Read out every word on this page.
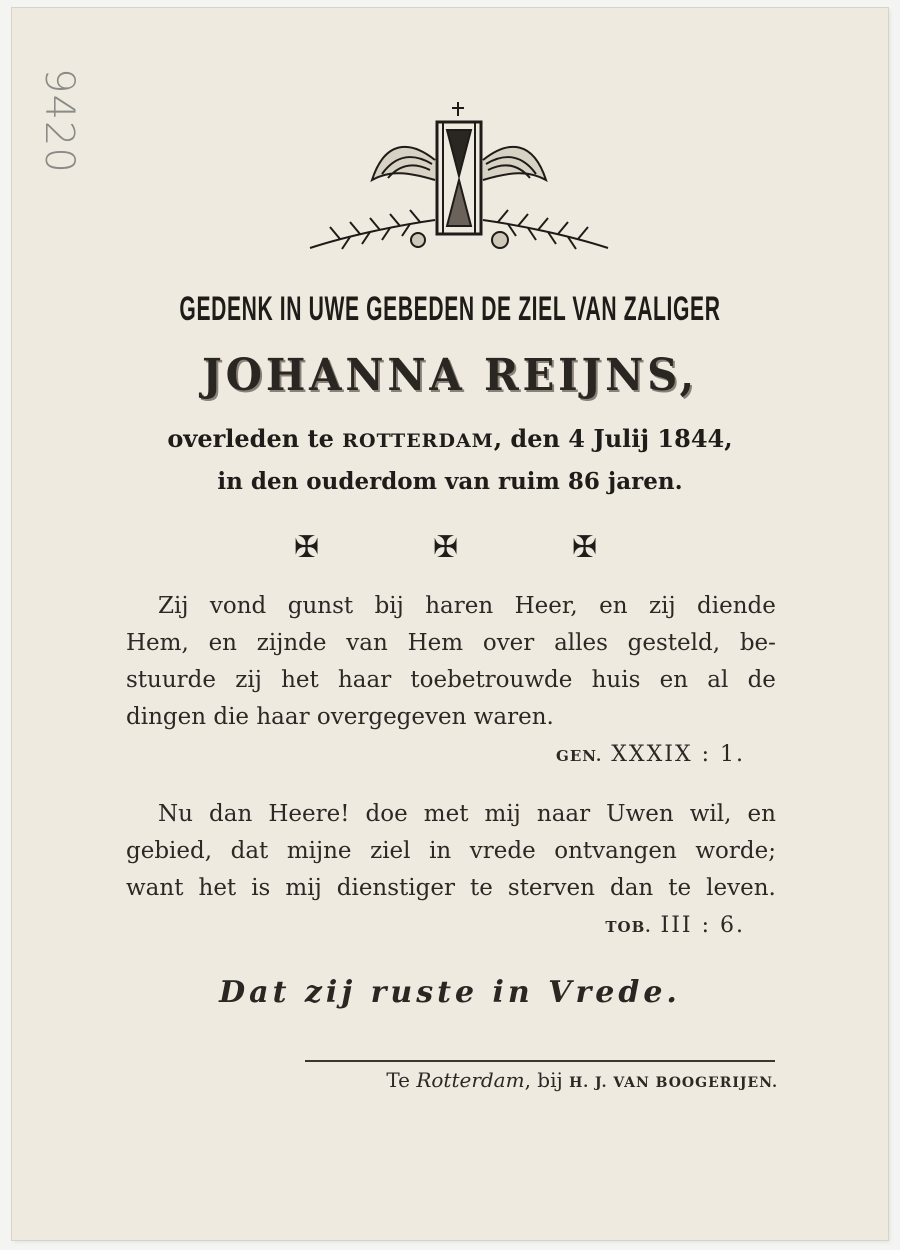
9420
GEDENK IN UWE GEBEDEN DE ZIEL VAN ZALIGER
JOHANNA REIJNS,
overleden te ROTTERDAM, den 4 Julij 1844,
in den ouderdom van ruim 86 jaren.
✠	✠	✠
Zij vond gunst bij haren Heer, en zij diende
Hem, en zijnde van Hem over alles gesteld, be-
stuurde zij het haar toebetrouwde huis en al de
dingen die haar overgegeven waren.
GEN. XXXIX : 1.
Nu dan Heere! doe met mij naar Uwen wil, en
gebied, dat mijne ziel in vrede ontvangen worde;
want het is mij dienstiger te sterven dan te leven.
TOB. III : 6.
Dat zij ruste in Vrede.
Te Rotterdam, bij H. J. VAN BOOGERIJEN.
